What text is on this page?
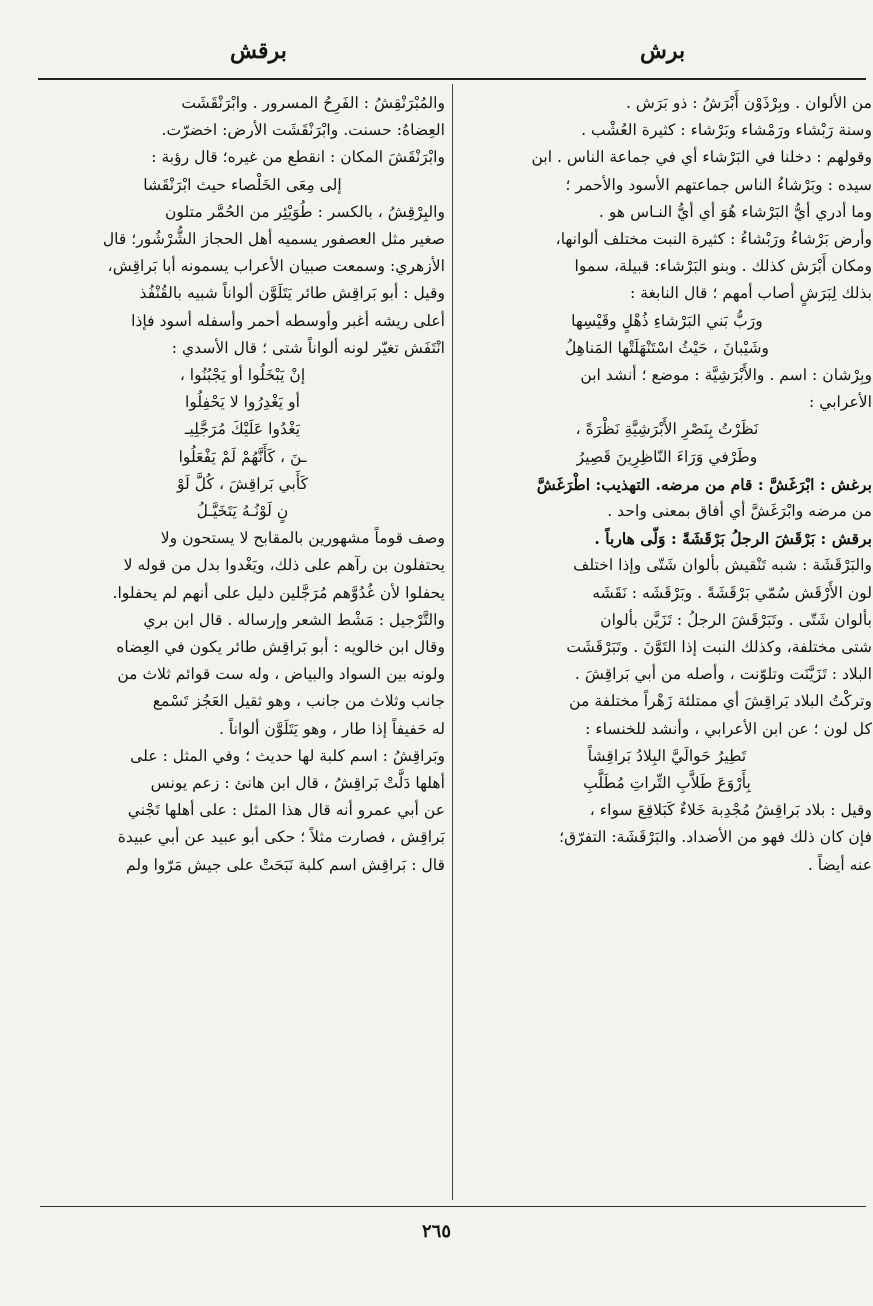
برش
برقش

من الألوان . وبِرْذَوْن أَبْرَشُ : ذو بَرَش .

وسنة رَبْشاء ورَمْشاء وبَرْشاء : كثيرة العُشْب .

وقولهم : دخلنا في البَرْشاء أي في جماعة الناس . ابن

سيده : وبَرْشاءُ الناس جماعتهم الأسود والأحمر ؛

وما أدري أيُّ البَرْشاء هُوَ أي أيُّ النـاس هو .

وأرض بَرْشاءُ ورَبْشاءُ : كثيرة النبت مختلف ألوانها،

ومكان أَبْرَش كذلك . وبنو البَرْشاء: قبيلة، سموا

بذلك لِبَرَشٍ أصاب أمهم ؛ قال النابغة :

ورَبُّ بَني البَرْشاءِ ذُهْلٍ وقَيْسِها

وشَيْبانَ ، حَيْثُ اسْتَنْهَلَتْها المَناهِلُ

وبِرْشان : اسم . والأَبْرَشِيَّة : موضع ؛ أنشد ابن

الأعرابي :

نَظَرْتُ بِنَصْرِ الأَبْرَشِيَّةِ نَظْرَةً ،

وطَرْفي وَرَاءَ النّاظِرِينَ قَصِيرُ

برغش : ابْرَغَشَّ : قام من مرضه. التهذيب: اطْرَغَشَّ

من مرضه وابْرَغَشَّ أي أفاق بمعنى واحد .

برقش : بَرْقَشَ الرجلُ بَرْقَشَةً : وَلّى هارباً .

والبَرْقَشَة : شبه تَنْقيش بألوان شَتّى وإذا اختلف

لون الأَرْقَش سُمّي بَرْقَشَةً . وبَرْقَشَه : نَقَشَه

بألوان شَتّى . وتَبَرْقَشَ الرجلُ : تَزَيَّن بألوان

شتى مختلفة، وكذلك النبت إذا التَوَّنَ . وتَبَرْقَشَت

البلاد : تَزَيَّنَت وتلوّنت ، وأصله من أبي بَراقِشَ .

وتركْتُ البلاد بَراقِشَ أي ممتلئة زَهْراً مختلفة من

كل لون ؛ عن ابن الأعرابي ، وأنشد للخنساء :

تَطِيرُ حَوالَيَّ البِلادُ بَراقِشاً

بِأَرْوَعَ طَلاَّبِ التِّراتِ مُطَلَّبِ

وقيل : بلاد بَراقِشُ مُجْدِبة خَلاءٌ كَبَلاقِعَ سواء ،

فإن كان ذلك فهو من الأضداد. والبَرْقَشَة: التفرّق؛

عنه أيضاً .

والمُبْرَنْقِشُ : الفَرِحُ المسرور . وابْرَنْقَشَت

العِضاهُ: حسنت. وابْرَنْقَشَت الأرض: اخضرّت.

وابْرَنْقَشَ المكان : انقطع من غيره؛ قال رؤبة :

إلى مِعَى الخَلْصاء حيث ابْرَنْقَشا

والبِرْقِشُ ، بالكسر : طُوَيْئِر من الحُمَّر متلون

صغير مثل العصفور يسميه أهل الحجاز الشُّرْشُور؛ قال

الأزهري: وسمعت صبيان الأعراب يسمونه أبا بَراقِش،

وقيل : أبو بَراقِش طائر يَتَلَوَّن ألواناً شبيه بالقُنْفُذ

أعلى ريشه أغبر وأوسطه أحمر وأسفله أسود فإذا

انْتَفَش تغيّر لونه ألواناً شتى ؛ قال الأسدي :

إنْ يَبْخَلُوا أو يَجْبُنُوا ،

أو يَغْدِرُوا لا يَحْفِلُوا

يَغْدُوا عَلَيْكَ مُرَجَّلِيـ

ـنَ ، كَأَنَّهُمْ لَمْ يَفْعَلُوا

كَأَبي بَراقِشَ ، كُلَّ لَوْ

نٍ لَوْنُـهُ يَتَخَيَّـلُ

وصف قوماً مشهورين بالمقابح لا يستحون ولا

يحتفلون بن رآهم على ذلك، ويَغْدوا بدل من قوله لا

يحفلوا لأن غُدُوَّهم مُرَجَّلين دليل على أنهم لم يحفلوا.

والتَّرْجيل : مَشْط الشعر وإرساله . قال ابن بري

وقال ابن خالويه : أبو بَراقِش طائر يكون في العِضاه

ولونه بين السواد والبياض ، وله ست قوائم ثلاث من

جانب وثلاث من جانب ، وهو ثقيل العَجُز تَسْمع

له حَفيفاً إذا طار ، وهو يَتَلَوَّن ألواناً .

وبَراقِشُ : اسم كلبة لها حديث ؛ وفي المثل : على

أهلها دَلَّتْ بَراقِشُ ، قال ابن هانئ : زعم يونس

عن أبي عمرو أنه قال هذا المثل : على أهلها تَجْني

بَراقِش ، فصارت مثلاً ؛ حكى أبو عبيد عن أبي عبيدة

قال : بَراقِش اسم كلبة نَبَحَتْ على جيش مَرّوا ولم

٢٦٥
